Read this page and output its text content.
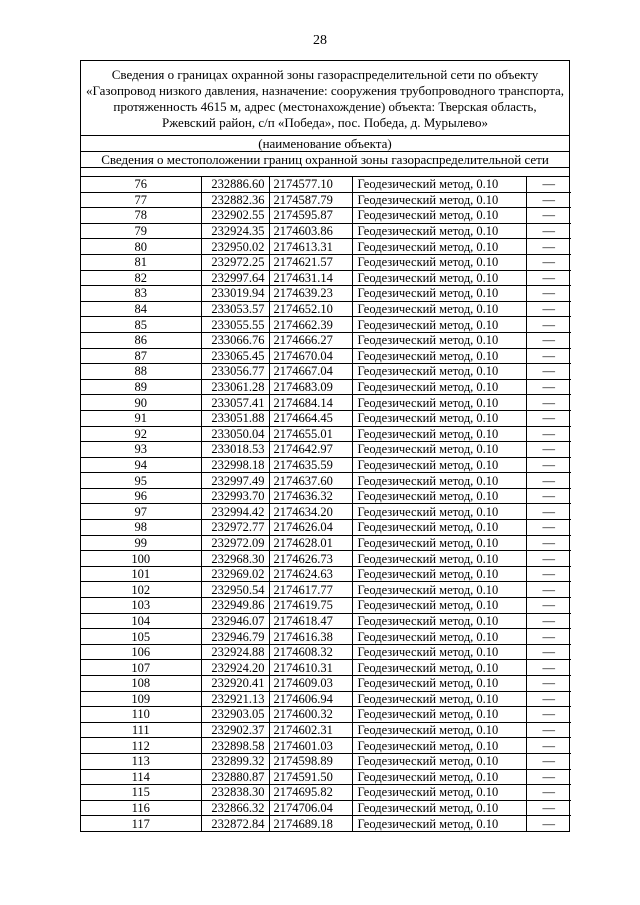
28
Сведения о границах охранной зоны газораспределительной сети по объекту
«Газопровод низкого давления, назначение: сооружения трубопроводного транспорта,
протяженность 4615 м, адрес (местонахождение) объекта: Тверская область,
Ржевский район, с/п «Победа», пос. Победа, д. Мурылево»
(наименование объекта)
Сведения о местоположении границ охранной зоны газораспределительной сети
76	232886.60	2174577.10	Геодезический метод, 0.10	—
77	232882.36	2174587.79	Геодезический метод, 0.10	—
78	232902.55	2174595.87	Геодезический метод, 0.10	—
79	232924.35	2174603.86	Геодезический метод, 0.10	—
80	232950.02	2174613.31	Геодезический метод, 0.10	—
81	232972.25	2174621.57	Геодезический метод, 0.10	—
82	232997.64	2174631.14	Геодезический метод, 0.10	—
83	233019.94	2174639.23	Геодезический метод, 0.10	—
84	233053.57	2174652.10	Геодезический метод, 0.10	—
85	233055.55	2174662.39	Геодезический метод, 0.10	—
86	233066.76	2174666.27	Геодезический метод, 0.10	—
87	233065.45	2174670.04	Геодезический метод, 0.10	—
88	233056.77	2174667.04	Геодезический метод, 0.10	—
89	233061.28	2174683.09	Геодезический метод, 0.10	—
90	233057.41	2174684.14	Геодезический метод, 0.10	—
91	233051.88	2174664.45	Геодезический метод, 0.10	—
92	233050.04	2174655.01	Геодезический метод, 0.10	—
93	233018.53	2174642.97	Геодезический метод, 0.10	—
94	232998.18	2174635.59	Геодезический метод, 0.10	—
95	232997.49	2174637.60	Геодезический метод, 0.10	—
96	232993.70	2174636.32	Геодезический метод, 0.10	—
97	232994.42	2174634.20	Геодезический метод, 0.10	—
98	232972.77	2174626.04	Геодезический метод, 0.10	—
99	232972.09	2174628.01	Геодезический метод, 0.10	—
100	232968.30	2174626.73	Геодезический метод, 0.10	—
101	232969.02	2174624.63	Геодезический метод, 0.10	—
102	232950.54	2174617.77	Геодезический метод, 0.10	—
103	232949.86	2174619.75	Геодезический метод, 0.10	—
104	232946.07	2174618.47	Геодезический метод, 0.10	—
105	232946.79	2174616.38	Геодезический метод, 0.10	—
106	232924.88	2174608.32	Геодезический метод, 0.10	—
107	232924.20	2174610.31	Геодезический метод, 0.10	—
108	232920.41	2174609.03	Геодезический метод, 0.10	—
109	232921.13	2174606.94	Геодезический метод, 0.10	—
110	232903.05	2174600.32	Геодезический метод, 0.10	—
111	232902.37	2174602.31	Геодезический метод, 0.10	—
112	232898.58	2174601.03	Геодезический метод, 0.10	—
113	232899.32	2174598.89	Геодезический метод, 0.10	—
114	232880.87	2174591.50	Геодезический метод, 0.10	—
115	232838.30	2174695.82	Геодезический метод, 0.10	—
116	232866.32	2174706.04	Геодезический метод, 0.10	—
117	232872.84	2174689.18	Геодезический метод, 0.10	—
